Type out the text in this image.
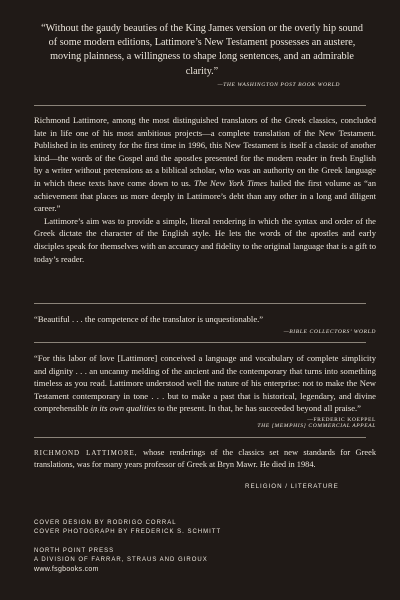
“Without the gaudy beauties of the King James version or the overly hip sound of some modern editions, Lattimore’s New Testament possesses an austere, moving plainness, a willingness to shape long sentences, and an admirable clarity.”

—THE WASHINGTON POST BOOK WORLD

Richmond Lattimore, among the most distinguished translators of the Greek classics, concluded late in life one of his most ambitious projects—a complete translation of the New Testament. Published in its entirety for the first time in 1996, this New Testament is itself a classic of another kind—the words of the Gospel and the apostles presented for the modern reader in fresh English by a writer without pretensions as a biblical scholar, who was an authority on the Greek language in which these texts have come down to us. The New York Times hailed the first volume as “an achievement that places us more deeply in Lattimore’s debt than any other in a long and diligent career.”

Lattimore’s aim was to provide a simple, literal rendering in which the syntax and order of the Greek dictate the character of the English style. He lets the words of the apostles and early disciples speak for themselves with an accuracy and fidelity to the original language that is a gift to today’s reader.

“Beautiful . . . the competence of the translator is unquestionable.”

—BIBLE COLLECTORS’ WORLD

“For this labor of love [Lattimore] conceived a language and vocabulary of complete simplicity and dignity . . . an uncanny melding of the ancient and the contemporary that turns into something timeless as you read. Lattimore understood well the nature of his enterprise: not to make the New Testament contemporary in tone . . . but to make a past that is historical, legendary, and divine comprehensible in its own qualities to the present. In that, he has succeeded beyond all praise.”

—FREDERIC KOEPPEL

THE [MEMPHIS] COMMERCIAL APPEAL

RICHMOND LATTIMORE, whose renderings of the classics set new standards for Greek translations, was for many years professor of Greek at Bryn Mawr. He died in 1984.

RELIGION / LITERATURE

COVER DESIGN BY RODRIGO CORRAL

COVER PHOTOGRAPH BY FREDERICK S. SCHMITT

NORTH POINT PRESS

A DIVISION OF FARRAR, STRAUS AND GIROUX

www.fsgbooks.com
